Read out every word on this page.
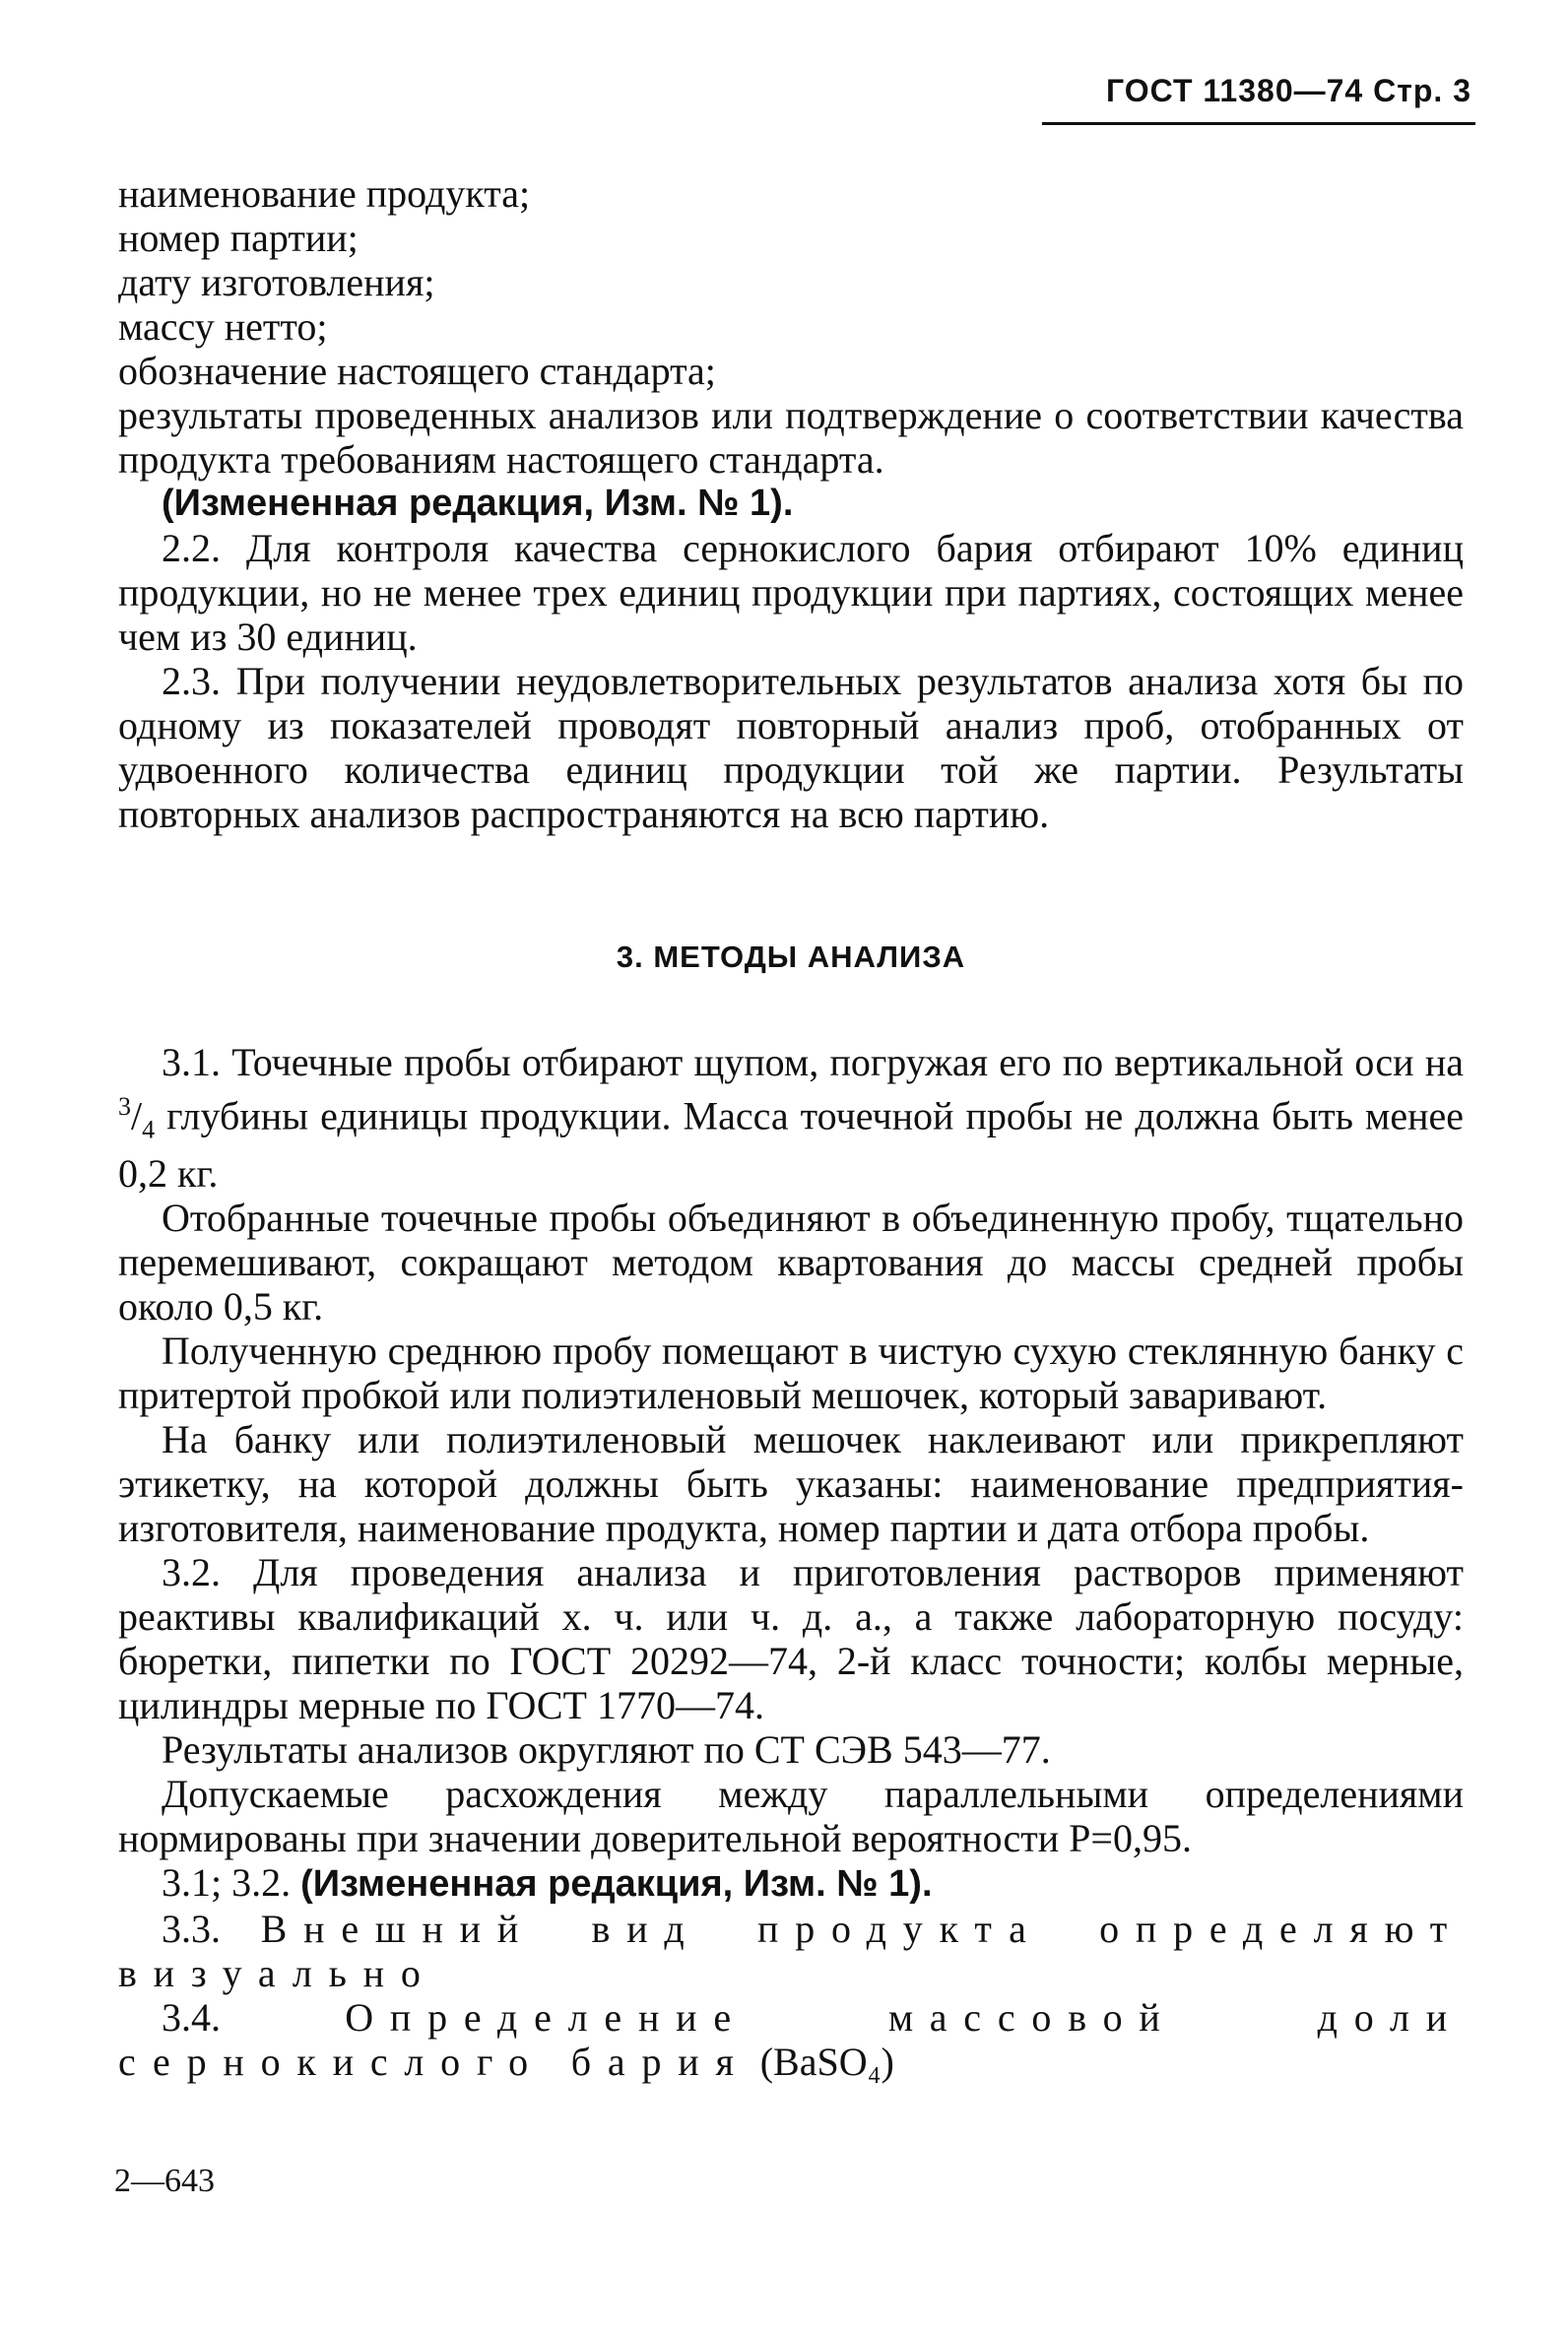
ГОСТ 11380—74 Стр. 3

наименование продукта;

номер партии;

дату изготовления;

массу нетто;

обозначение настоящего стандарта;

результаты проведенных анализов или подтверждение о соответствии качества продукта требованиям настоящего стандарта.

(Измененная редакция, Изм. № 1).

2.2. Для контроля качества сернокислого бария отбирают 10% единиц продукции, но не менее трех единиц продукции при партиях, состоящих менее чем из 30 единиц.

2.3. При получении неудовлетворительных результатов анализа хотя бы по одному из показателей проводят повторный анализ проб, отобранных от удвоенного количества единиц продукции той же партии. Результаты повторных анализов распространяются на всю партию.

3. МЕТОДЫ АНАЛИЗА

3.1. Точечные пробы отбирают щупом, погружая его по вертикальной оси на $^3/_4$ глубины единицы продукции. Масса точечной пробы не должна быть менее 0,2 кг.

Отобранные точечные пробы объединяют в объединенную пробу, тщательно перемешивают, сокращают методом квартования до массы средней пробы около 0,5 кг.

Полученную среднюю пробу помещают в чистую сухую стеклянную банку с притертой пробкой или полиэтиленовый мешочек, который заваривают.

На банку или полиэтиленовый мешочек наклеивают или прикрепляют этикетку, на которой должны быть указаны: наименование предприятия-изготовителя, наименование продукта, номер партии и дата отбора пробы.

3.2. Для проведения анализа и приготовления растворов применяют реактивы квалификаций х. ч. или ч. д. а., а также лабораторную посуду: бюретки, пипетки по ГОСТ 20292—74, 2-й класс точности; колбы мерные, цилиндры мерные по ГОСТ 1770—74.

Результаты анализов округляют по СТ СЭВ 543—77.

Допускаемые расхождения между параллельными определениями нормированы при значении доверительной вероятности Р=0,95.

3.1; 3.2. (Измененная редакция, Изм. № 1).

3.3. Внешний вид продукта определяют визуально

3.4.	Определение массовой доли сернокислого бария (BaSO₄)

2—643
